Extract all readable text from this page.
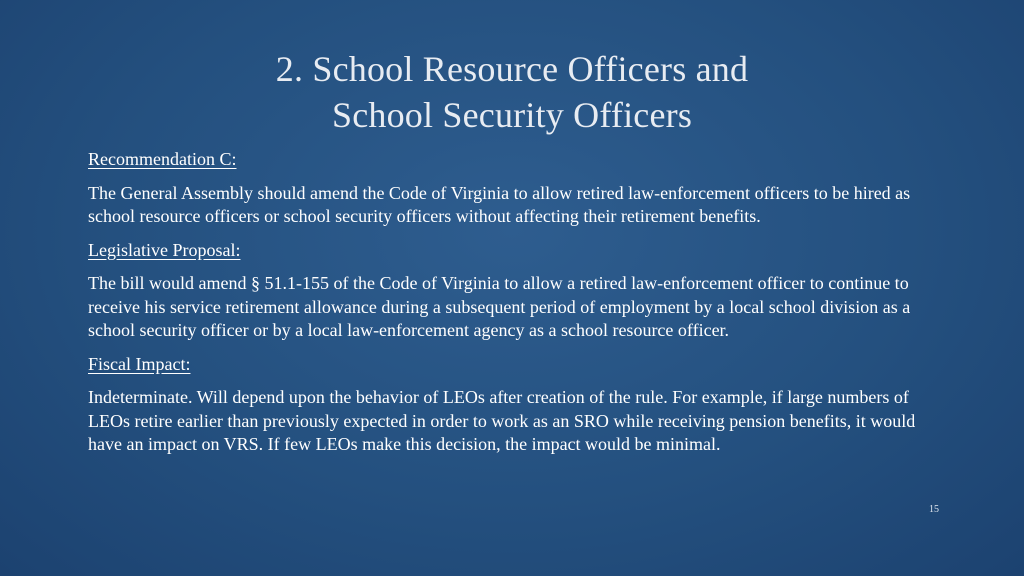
2. School Resource Officers and
School Security Officers
Recommendation C:
The General Assembly should amend the Code of Virginia to allow retired law-enforcement officers to be hired as school resource officers or school security officers without affecting their retirement benefits.
Legislative Proposal:
The bill would amend § 51.1-155 of the Code of Virginia to allow a retired law-enforcement officer to continue to receive his service retirement allowance during a subsequent period of employment by a local school division as a school security officer or by a local law-enforcement agency as a school resource officer.
Fiscal Impact:
Indeterminate. Will depend upon the behavior of LEOs after creation of the rule. For example, if large numbers of LEOs retire earlier than previously expected in order to work as an SRO while receiving pension benefits, it would have an impact on VRS. If few LEOs make this decision, the impact would be minimal.
15
